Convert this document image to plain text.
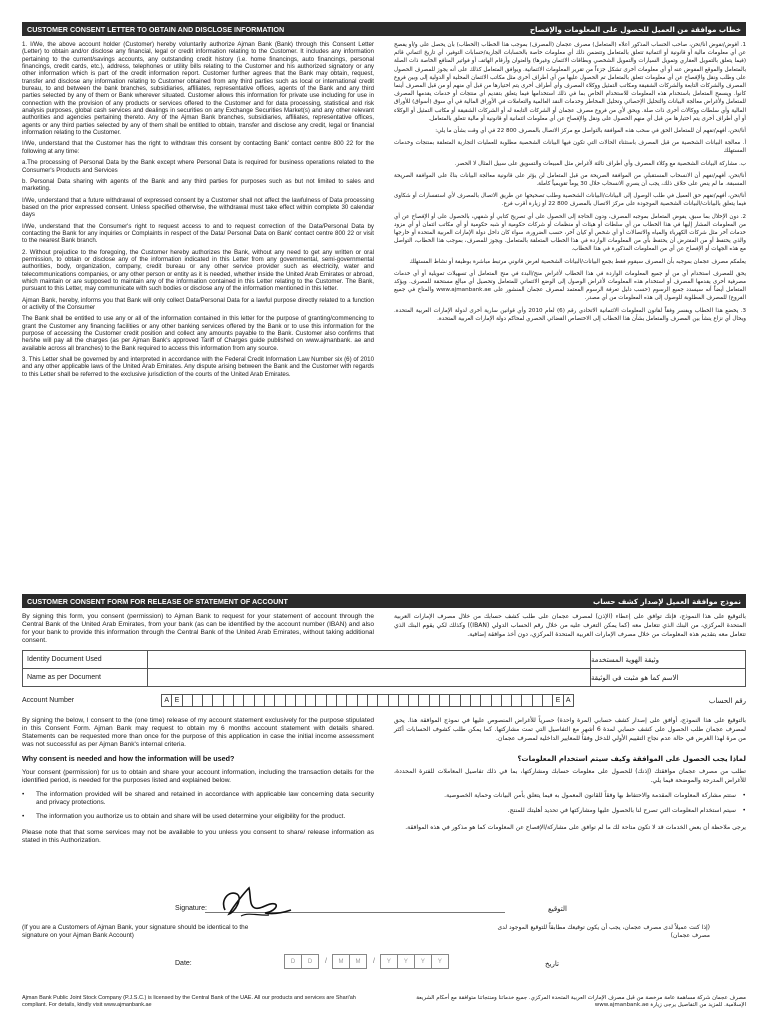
CUSTOMER CONSENT LETTER TO OBTAIN AND DISCLOSE INFORMATION	خطاب موافقة من العميل للحصول على المعلومات والإفصاح

1. I/We, the above account holder (Customer) hereby voluntarily authorize Ajman Bank (Bank) through this Consent Letter (Letter) to obtain and/or disclose any financial, legal or credit information relating to the Customer. It includes any information pertaining to the current/savings accounts, any outstanding credit history (i.e. home financings, auto financings, personal financings, credit cards, etc.), address, telephones or utility bills relating to the Customer and his authorized signatory or any other information which is part of the credit information report. Customer further agrees that the Bank may obtain, request, transfer and disclose any information relating to Customer obtained from any third parties such as local or international credit bureau, to and between the bank branches, subsidiaries, affiliates, representative offices, agents of the Bank and any third parties selected by any of them or Bank wherever situated. Customer allows this information for private use including for use in connection with the provision of any products or services offered to the Customer and for data processing, statistical and risk analysis purposes, global cash services and dealings in securities on any Exchange Securities Market(s) and any other relevant authorities and agencies pertaining thereto. Any of the Ajman Bank branches, subsidiaries, affiliates, representative offices, agents or any third parties selected by any of them shall be entitled to obtain, transfer and disclose any credit, legal or financial information relating to the Customer.

I/We, understand that the Customer has the right to withdraw this consent by contacting Bank' contact centre 800 22 for the following at any time:

a.The processing of Personal Data by the Bank except where Personal Data is required for business operations related to the Consumer's Products and Services

b. Personal Data sharing with agents of the Bank and any third parties for purposes such as but not limited to sales and marketing.

I/We, understand that a future withdrawal of expressed consent by a Customer shall not affect the lawfulness of Data processing based on the prior expressed consent. Unless specified otherwise, the withdrawal must take effect within complete 30 calendar days

I/We, understand that the Consumer's right to request access to and to request correction of the Data/Personal Data by contacting the Bank for any inquiries or Complaints in respect of the Data/ Personal Data on Bank' contact centre 800 22 or visit to the nearest Bank branch.

2. Without prejudice to the foregoing, the Customer hereby authorizes the Bank, without any need to get any written or oral permission, to obtain or disclose any of the information indicated in this Letter from any governmental, semi-governmental authorities, body, organization, company, credit bureau or any other service provider such as electricity, water and telecommunications companies, or any other person or entity as it is needed, whether inside the United Arab Emirates or abroad, which maintain or are supposed to maintain any of the information contained in this Letter relating to the Customer. The Bank, pursuant to this Letter, may communicate with such bodies or disclose any of the information mentioned in this letter.

Ajman Bank, hereby, informs you that Bank will only collect Data/Personal Data for a lawful purpose directly related to a function or activity of the Consumer

The Bank shall be entitled to use any or all of the information contained in this letter for the purpose of granting/commencing to grant the Customer any financing facilities or any other banking services offered by the Bank or to use this information for the purpose of accessing the Customer credit position and collect any amounts payable to the Bank. Customer also confirms that he/she will pay all the charges (as per Ajman Bank's approved Tariff of Charges guide published on www.ajmanbank. ae and available across all branches) to the Bank required to access this information from any source.

3. This Letter shall be governed by and interpreted in accordance with the Federal Credit Information Law Number six (6) of 2010 and any other applicable laws of the United Arab Emirates. Any dispute arising between the Bank and the Customer with regards to this Letter shall be referred to the exclusive jurisdiction of the courts of the United Arab Emirates.

1. أفوض/نفوض أنا/نحن، صاحب الحساب المذكور أعلاه (المتعامل) مصرف عجمان (المصرف) بموجب هذا الخطاب (الخطاب) بأن يحصل على و/أو يفصح عن أي معلومات مالية أو قانونية أو ائتمانية تتعلق بالمتعامل وتتضمن ذلك أي معلومات خاصة بالحسابات الجارية/حسابات التوفير، أي تاريخ ائتماني قائم (فيما يتعلق بالتمويل العقاري وتمويل السيارات والتمويل الشخصي وبطاقات الائتمان وغيرها) والعنوان وأرقام الهاتف أو فواتير المنافع الخاصة ذات الصلة بالمتعامل والموقع المفوض عنه أو أي معلومات أخرى تشكل جزءاً من تقرير المعلومات الائتمانية. ويوافق المتعامل كذلك على أنه يجوز للمصرف الحصول على وطلب ونقل والإفصاح عن أي معلومات تتعلق بالمتعامل تم الحصول عليها من أي أطراف أخرى مثل مكاتب الائتمان المحلية أو الدولية إلى وبين فروع المصرف والشركات التابعة والشركات الشقيقة ومكاتب التمثيل ووكلاء المصرف وأي أطراف أخرى يتم اختيارها من قبل أي منهم أو من قبل المصرف أينما كانوا. ويسمح المتعامل باستخدام هذه المعلومات للاستخدام الخاص بما في ذلك استخدامها فيما يتعلق بتقديم أي منتجات أو خدمات يقدمها المصرف للمتعامل ولأغراض معالجة البيانات والتحليل الإحصائي وتحليل المخاطر وخدمات النقد العالمية والتعاملات في الأوراق المالية في أي سوق (أسواق) للأوراق المالية وأي سلطات ووكالات أخرى ذات صلة. ويحق لأي من فروع مصرف عجمان أو الشركات التابعة له أو الشركات الشقيقة أو مكاتب التمثيل أو الوكلاء أو أي أطراف أخرى يتم اختيارها من قبل أي منهم الحصول على ونقل والإفصاح عن أي معلومات ائتمانية أو قانونية أو مالية تتعلق بالمتعامل.

أنا/نحن، أفهم/نفهم أن للمتعامل الحق في سحب هذه الموافقة بالتواصل مع مركز الاتصال بالمصرف 800 22 في أي وقت بشأن ما يلي:

أ. معالجة البيانات الشخصية من قبل المصرف باستثناء الحالات التي تكون فيها البيانات الشخصية مطلوبة للعمليات التجارية المتعلقة بمنتجات وخدمات المستهلك

ب. مشاركة البيانات الشخصية مع وكلاء المصرف وأي أطراف ثالثة لأغراض مثل المبيعات والتسويق على سبيل المثال لا الحصر.

أنا/نحن، أفهم/نفهم أن الانسحاب المستقبلي من الموافقة الصريحة من قبل المتعامل لن يؤثر على قانونية معالجة البيانات بناءً على الموافقة الصريحة المسبقة. ما لم ينص على خلاف ذلك، يجب أن يسري الانسحاب خلال 30 يوماً تقويمياً كاملة.

أنا/نحن، أفهم/نفهم حق العميل في طلب الوصول إلى البيانات/البيانات الشخصية وطلب تصحيحها عن طريق الاتصال بالمصرف لأي استفسارات أو شكاوى فيما يتعلق بالبيانات/البيانات الشخصية الموجودة على مركز الاتصال بالمصرف 800 22 أو زيارة أقرب فرع.

2. دون الإخلال بما سبق، يفوض المتعامل بموجبه المصرف، ودون الحاجة إلى الحصول على أي تصريح كتابي أو شفهي، بالحصول على أو الإفصاح عن أي من المعلومات المشار إليها في هذا الخطاب من أي سلطات أو هيئات أو منظمات أو شركات حكومية أو شبه حكومية أو أي مكاتب ائتمان أو أي مزود خدمات آخر مثل شركات الكهرباء والمياه والاتصالات أو أي شخص أو كيان آخر، حسب الضرورة، سواء كان داخل دولة الإمارات العربية المتحدة أو خارجها والذي يحتفظ أو من المفترض أن يحتفظ بأي من المعلومات الواردة في هذا الخطاب المتعلقة بالمتعامل. ويجوز للمصرف، بموجب هذا الخطاب، التواصل مع هذه الجهات أو الإفصاح عن أي من المعلومات المذكورة في هذا الخطاب.

يعلمكم مصرف عجمان بموجبه بأن المصرف سيقوم فقط بجمع البيانات/البيانات الشخصية لغرض قانوني مرتبط مباشرة بوظيفة أو نشاط المستهلك

يحق للمصرف استخدام أي من أو جميع المعلومات الواردة في هذا الخطاب لأغراض منح/البدء في منح المتعامل أي تسهيلات تمويلية أو أي خدمات مصرفية أخرى يقدمها المصرف أو استخدام هذه المعلومات لأغراض الوصول إلى الوضع الائتماني للمتعامل وتحصيل أي مبالغ مستحقة للمصرف. ويؤكد المتعامل أيضاً أنه سيسدد جميع الرسوم (حسب دليل تعرفة الرسوم المعتمد لمصرف عجمان المنشور على www.ajmanbank.ae والمتاح في جميع الفروع) للمصرف المطلوبة للوصول إلى هذه المعلومات من أي مصدر.

3. يخضع هذا الخطاب ويفسر وفقاً لقانون المعلومات الائتمانية الاتحادي رقم (6) لعام 2010 وأي قوانين سارية أخرى لدولة الإمارات العربية المتحدة. ويحال أي نزاع ينشأ بين المصرف والمتعامل بشأن هذا الخطاب إلى الاختصاص القضائي الحصري لمحاكم دولة الإمارات العربية المتحدة.

CUSTOMER CONSENT FORM FOR RELEASE OF STATEMENT OF ACCOUNT	نموذج موافقة العميل لإصدار كشف حساب
By signing this form, you consent (permission) to Ajman Bank to request for your statement of account through the Central Bank of the United Arab Emirates, from your bank (as can be identified by the account number (IBAN) and also for your bank to provide this information through the Central Bank of the United Arab Emirates, without taking additional consent.
بالتوقيع على هذا النموذج، فإنك توافق على إعطاء (الإذن) لمصرف عجمان على طلب كشف حسابك من خلال مصرف الإمارات العربية المتحدة المركزي، من البنك الذي تتعامل معه (كما يمكن التعرف عليه من خلال رقم الحساب الدولي (IBAN)) وكذلك لكي يقوم البنك الذي تتعامل معه بتقديم هذه المعلومات من خلال مصرف الإمارات العربية المتحدة المركزي، دون أخذ موافقة إضافية.
Identity Document Used	وثيقة الهوية المستخدمة
Name as per Document	الاسم كما هو مثبت في الوثيقة
Account Number	A E	E A	رقم الحساب
By signing the below, I consent to the (one time) release of my account statement exclusively for the purpose stipulated in this Consent Form. Ajman Bank may request to obtain my 6 months account statement with details shared. Statements can be requested more than once for the purpose of this application in case the initial income assessment was not successful as per Ajman Bank's internal criteria.
بالتوقيع على هذا النموذج، أوافق على إصدار كشف حسابي (لمرة واحدة) حصرياً للأغراض المنصوص عليها في نموذج الموافقة هذا. يحق لمصرف عجمان طلب الحصول على كشف حسابي لمدة 6 أشهر مع التفاصيل التي تمت مشاركتها. كما يمكن طلب كشوف الحسابات أكثر من مرة لهذا الغرض في حالة عدم نجاح التقييم الأولي للدخل وفقاً للمعايير الداخلية لمصرف عجمان.

Why consent is needed and how the information will be used?

Your consent (permission) for us to obtain and share your account information, including the transaction details for the identified period, is needed for the purposes listed and explained below.

•	The information provided will be shared and retained in accordance with applicable law concerning data security and privacy protections.
•	The information you authorize us to obtain and share will be used determine your eligibility for the product.

Please note that that some services may not be available to you unless you consent to share/ release information as stated in this Authorization.

لماذا يجب الحصول على الموافقة وكيف سيتم استخدام المعلومات؟

تطلب من مصرف عجمان موافقتك (إذنك) للحصول على معلومات حسابك ومشاركتها، بما في ذلك تفاصيل المعاملات للفترة المحددة، للأغراض المدرجة والموضحة فيما يلي.

•
ستتم مشاركة المعلومات المقدمة والاحتفاظ بها وفقاً للقانون المعمول به فيما يتعلق بأمن البيانات وحماية الخصوصية.
•
سيتم استخدام المعلومات التي تصرح لنا بالحصول عليها ومشاركتها في تحديد أهليتك للمنتج.

يرجى ملاحظة أن بعض الخدمات قد لا تكون متاحة لك ما لم توافق على مشاركة/الإفصاح عن المعلومات كما هو مذكور في هذه الموافقة.

Signature:	التوقيع
(If you are a Customers of Ajman Bank, your signature should be identical to the signature on your Ajman Bank Account)
(إذا كنت عميلاً لدى مصرف عجمان، يجب أن يكون توقيعك مطابقاً للتوقيع الموجود لدى مصرف عجمان)
Date:	D	D	/	M	M	/	Y	Y	Y	Y	تاريخ
Ajman Bank Public Joint Stock Company (P.J.S.C.) is licensed by the Central Bank of the UAE. All our products and services are Shari'ah compliant. For details, kindly visit www.ajmanbank.ae
مصرف عجمان شركة مساهمة عامة مرخصة من قبل مصرف الإمارات العربية المتحدة المركزي. جميع خدماتنا ومنتجاتنا متوافقة مع أحكام الشريعة الإسلامية. للمزيد من التفاصيل يرجى زيارة www.ajmanbank.ae
